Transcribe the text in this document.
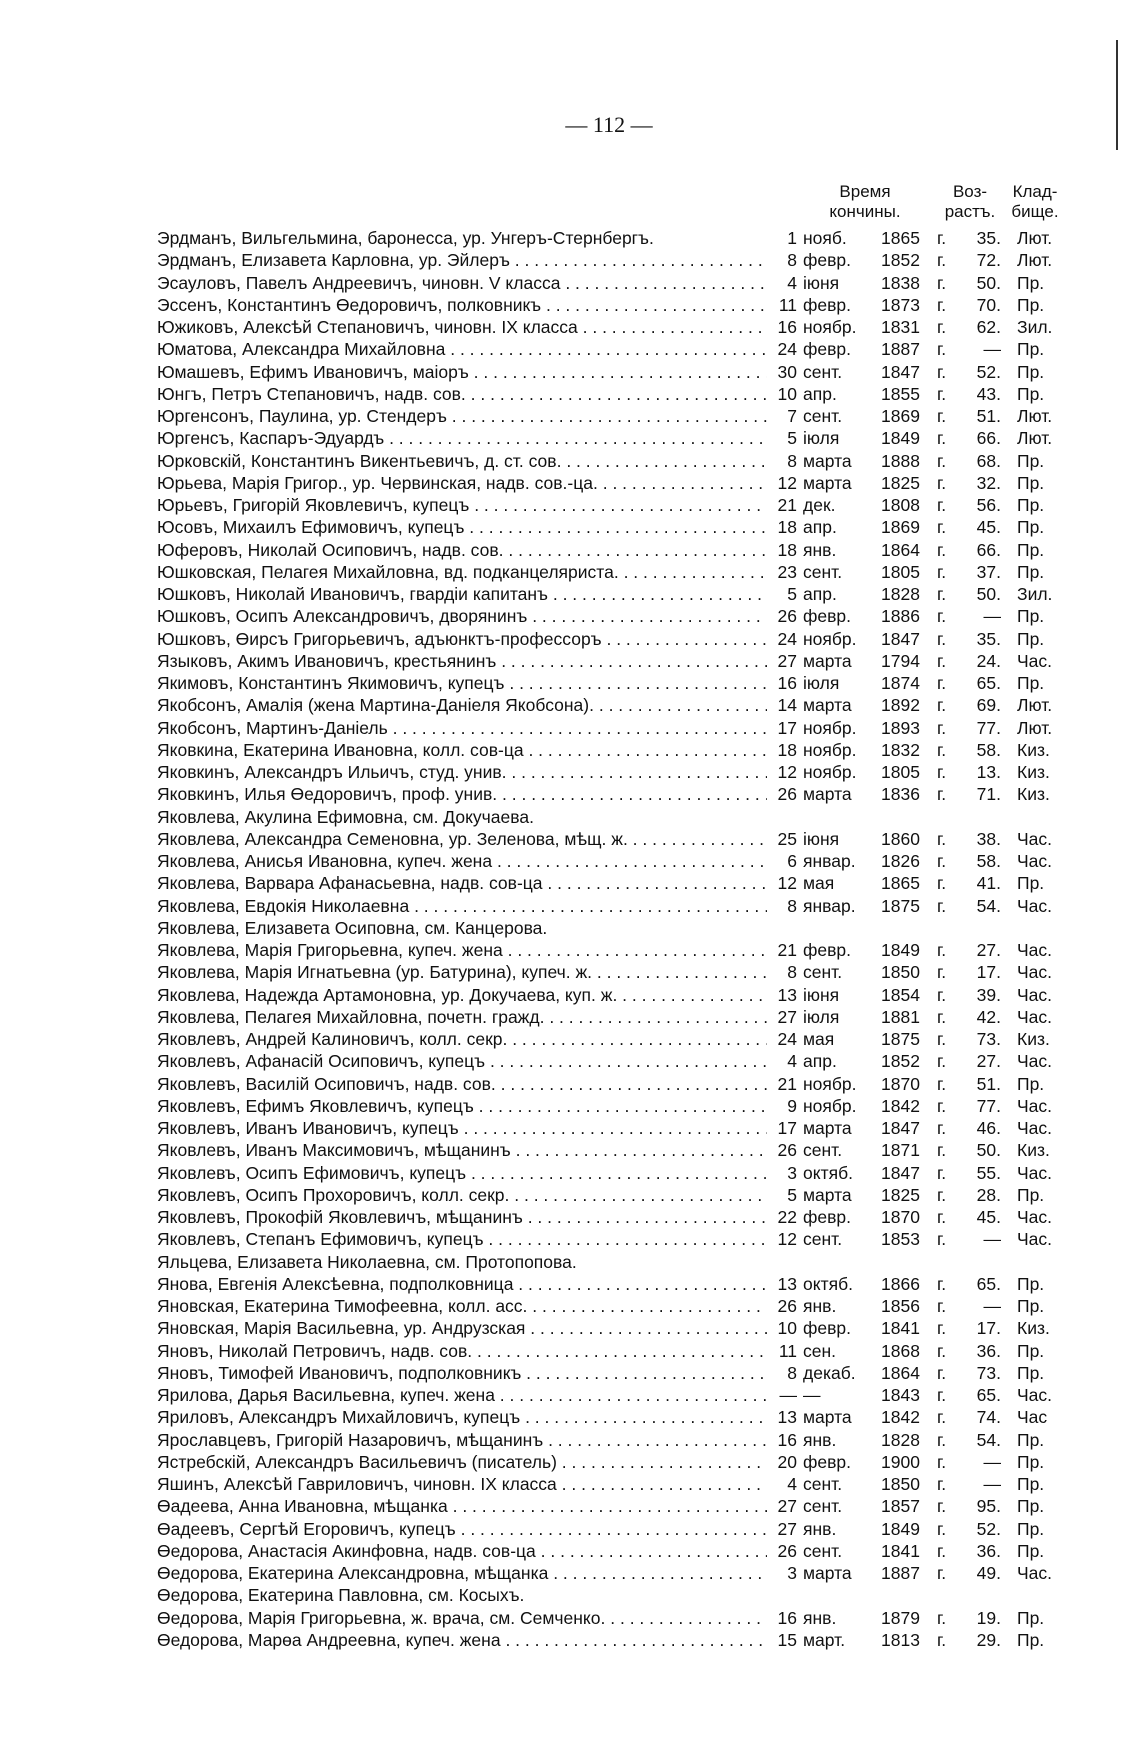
— 112 —
Время
кончины.
Воз-
растъ.
Клад-
бище.
Эрдманъ, Вильгельмина, баронесса, ур. Унгеръ-Стернбергъ.	1 нояб.	1865 г.	35. Лют.
Эрдманъ, Елизавета Карловна, ур. Эйлеръ . . .	8 февр.	1852 г.	72. Лют.
Эсауловъ, Павелъ Андреевичъ, чиновн. V класса . . .	4 іюня	1838 г.	50. Пр.
Эссенъ, Константинъ Өедоровичъ, полковникъ . . .	11 февр.	1873 г.	70. Пр.
Южиковъ, Алексѣй Степановичъ, чиновн. IX класса . . .	16 ноябр.	1831 г.	62. Зил.
Юматова, Александра Михайловна . . .	24 февр.	1887 г.	— Пр.
Юмашевъ, Ефимъ Ивановичъ, маіоръ . . .	30 сент.	1847 г.	52. Пр.
Юнгъ, Петръ Степановичъ, надв. сов. . . .	10 апр.	1855 г.	43. Пр.
Юргенсонъ, Паулина, ур. Стендеръ . . .	7 сент.	1869 г.	51. Лют.
Юргенсъ, Каспаръ-Эдуардъ . . .	5 іюля	1849 г.	66. Лют.
Юрковскій, Константинъ Викентьевичъ, д. ст. сов. . . .	8 марта	1888 г.	68. Пр.
Юрьева, Марія Григор., ур. Червинская, надв. сов.-ца. . . .	12 марта	1825 г.	32. Пр.
Юрьевъ, Григорій Яковлевичъ, купецъ . . .	21 дек.	1808 г.	56. Пр.
Юсовъ, Михаилъ Ефимовичъ, купецъ . . .	18 апр.	1869 г.	45. Пр.
Юферовъ, Николай Осиповичъ, надв. сов. . . .	18 янв.	1864 г.	66. Пр.
Юшковская, Пелагея Михайловна, вд. подканцеляриста. . . .	23 сент.	1805 г.	37. Пр.
Юшковъ, Николай Ивановичъ, гвардіи капитанъ . . .	5 апр.	1828 г.	50. Зил.
Юшковъ, Осипъ Александровичъ, дворянинъ . . .	26 февр.	1886 г.	— Пр.
Юшковъ, Өирсъ Григорьевичъ, адъюнктъ-профессоръ . . .	24 ноябр.	1847 г.	35. Пр.
Языковъ, Акимъ Ивановичъ, крестьянинъ . . .	27 марта	1794 г.	24. Час.
Якимовъ, Константинъ Якимовичъ, купецъ . . .	16 іюля	1874 г.	65. Пр.
Якобсонъ, Амалія (жена Мартина-Даніеля Якобсона). . . .	14 марта	1892 г.	69. Лют.
Якобсонъ, Мартинъ-Даніель . . .	17 ноябр.	1893 г.	77. Лют.
Яковкина, Екатерина Ивановна, колл. сов-ца . . .	18 ноябр.	1832 г.	58. Киз.
Яковкинъ, Александръ Ильичъ, студ. унив. . . .	12 ноябр.	1805 г.	13. Киз.
Яковкинъ, Илья Өедоровичъ, проф. унив. . . .	26 марта	1836 г.	71. Киз.
Яковлева, Акулина Ефимовна, см. Докучаева.
Яковлева, Александра Семеновна, ур. Зеленова, мѣщ. ж. . . .	25 іюня	1860 г.	38. Час.
Яковлева, Анисья Ивановна, купеч. жена . . .	6 январ.	1826 г.	58. Час.
Яковлева, Варвара Афанасьевна, надв. сов-ца . . .	12 мая	1865 г.	41. Пр.
Яковлева, Евдокія Николаевна . . .	8 январ.	1875 г.	54. Час.
Яковлева, Елизавета Осиповна, см. Канцерова.
Яковлева, Марія Григорьевна, купеч. жена . . .	21 февр.	1849 г.	27. Час.
Яковлева, Марія Игнатьевна (ур. Батурина), купеч. ж. . . .	8 сент.	1850 г.	17. Час.
Яковлева, Надежда Артамоновна, ур. Докучаева, куп. ж. . . .	13 іюня	1854 г.	39. Час.
Яковлева, Пелагея Михайловна, почетн. гражд. . . .	27 іюля	1881 г.	42. Час.
Яковлевъ, Андрей Калиновичъ, колл. секр. . . .	24 мая	1875 г.	73. Киз.
Яковлевъ, Афанасій Осиповичъ, купецъ . . .	4 апр.	1852 г.	27. Час.
Яковлевъ, Василій Осиповичъ, надв. сов. . . .	21 ноябр.	1870 г.	51. Пр.
Яковлевъ, Ефимъ Яковлевичъ, купецъ . . .	9 ноябр.	1842 г.	77. Час.
Яковлевъ, Иванъ Ивановичъ, купецъ . . .	17 марта	1847 г.	46. Час.
Яковлевъ, Иванъ Максимовичъ, мѣщанинъ . . .	26 сент.	1871 г.	50. Киз.
Яковлевъ, Осипъ Ефимовичъ, купецъ . . .	3 октяб.	1847 г.	55. Час.
Яковлевъ, Осипъ Прохоровичъ, колл. секр. . . .	5 марта	1825 г.	28. Пр.
Яковлевъ, Прокофій Яковлевичъ, мѣщанинъ . . .	22 февр.	1870 г.	45. Час.
Яковлевъ, Степанъ Ефимовичъ, купецъ . . .	12 сент.	1853 г.	— Час.
Яльцева, Елизавета Николаевна, см. Протопопова.
Янова, Евгенія Алексѣевна, подполковница . . .	13 октяб.	1866 г.	65. Пр.
Яновская, Екатерина Тимофеевна, колл. асс. . . .	26 янв.	1856 г.	— Пр.
Яновская, Марія Васильевна, ур. Андрузская . . .	10 февр.	1841 г.	17. Киз.
Яновъ, Николай Петровичъ, надв. сов. . . .	11 сен.	1868 г.	36. Пр.
Яновъ, Тимофей Ивановичъ, подполковникъ . . .	8 декаб.	1864 г.	73. Пр.
Ярилова, Дарья Васильевна, купеч. жена . . .	— —	1843 г.	65. Час.
Яриловъ, Александръ Михайловичъ, купецъ . . .	13 марта	1842 г.	74. Час
Ярославцевъ, Григорій Назаровичъ, мѣщанинъ . . .	16 янв.	1828 г.	54. Пр.
Ястребскій, Александръ Васильевичъ (писатель) . . .	20 февр.	1900 г.	— Пр.
Яшинъ, Алексѣй Гавриловичъ, чиновн. IX класса . . .	4 сент.	1850 г.	— Пр.
Өадеева, Анна Ивановна, мѣщанка . . .	27 сент.	1857 г.	95. Пр.
Өадеевъ, Сергѣй Егоровичъ, купецъ . . .	27 янв.	1849 г.	52. Пр.
Өедорова, Анастасія Акинфовна, надв. сов-ца . . .	26 сент.	1841 г.	36. Пр.
Өедорова, Екатерина Александровна, мѣщанка . . .	3 марта	1887 г.	49. Час.
Өедорова, Екатерина Павловна, см. Косыхъ.
Өедорова, Марія Григорьевна, ж. врача, см. Семченко. . . .	16 янв.	1879 г.	19. Пр.
Өедорова, Марөа Андреевна, купеч. жена . . .	15 март.	1813 г.	29. Пр.
